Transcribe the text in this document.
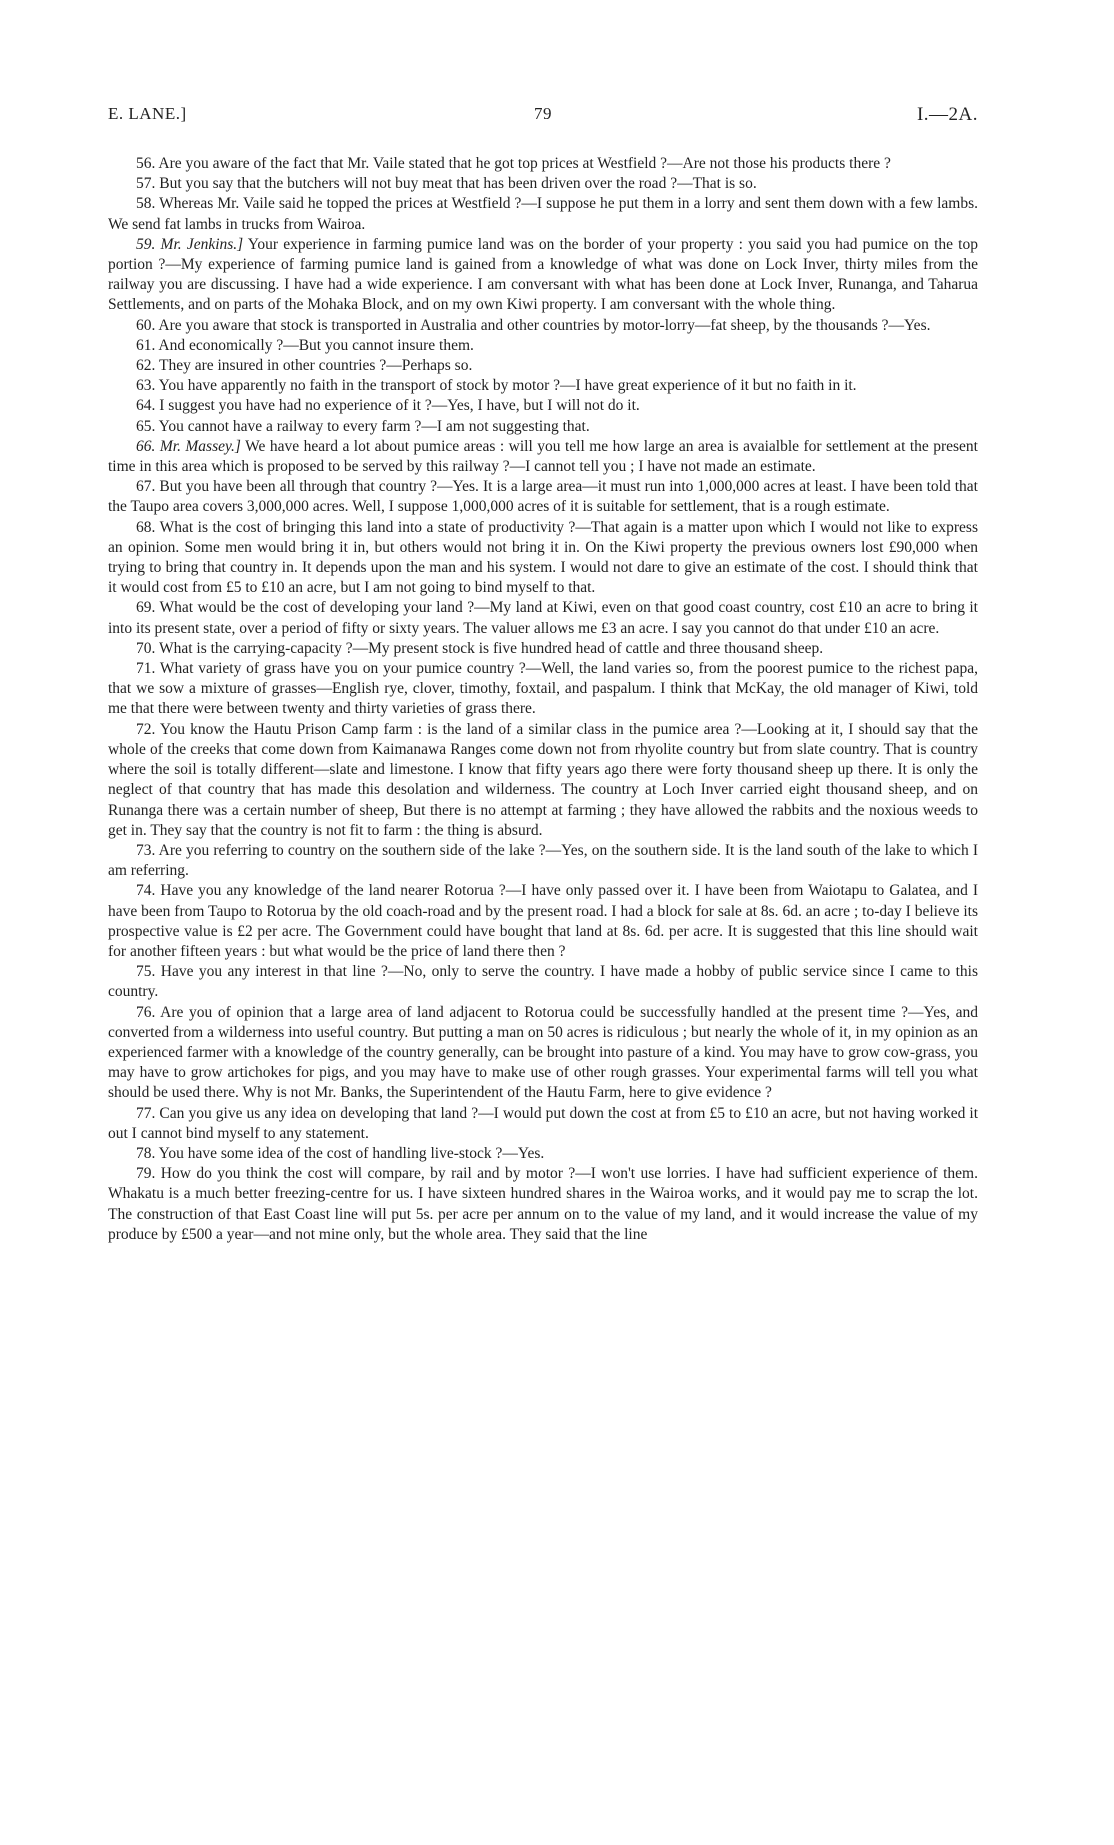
E. LANE.]	79	I.—2A.

56. Are you aware of the fact that Mr. Vaile stated that he got top prices at Westfield ?—Are not those his products there ?

57. But you say that the butchers will not buy meat that has been driven over the road ?—That is so.

58. Whereas Mr. Vaile said he topped the prices at Westfield ?—I suppose he put them in a lorry and sent them down with a few lambs. We send fat lambs in trucks from Wairoa.

59. Mr. Jenkins.] Your experience in farming pumice land was on the border of your property : you said you had pumice on the top portion ?—My experience of farming pumice land is gained from a knowledge of what was done on Lock Inver, thirty miles from the railway you are discussing. I have had a wide experience. I am conversant with what has been done at Lock Inver, Runanga, and Taharua Settlements, and on parts of the Mohaka Block, and on my own Kiwi property. I am conversant with the whole thing.

60. Are you aware that stock is transported in Australia and other countries by motor-lorry—fat sheep, by the thousands ?—Yes.

61. And economically ?—But you cannot insure them.

62. They are insured in other countries ?—Perhaps so.

63. You have apparently no faith in the transport of stock by motor ?—I have great experience of it but no faith in it.

64. I suggest you have had no experience of it ?—Yes, I have, but I will not do it.

65. You cannot have a railway to every farm ?—I am not suggesting that.

66. Mr. Massey.] We have heard a lot about pumice areas : will you tell me how large an area is avaialble for settlement at the present time in this area which is proposed to be served by this railway ?—I cannot tell you ; I have not made an estimate.

67. But you have been all through that country ?—Yes. It is a large area—it must run into 1,000,000 acres at least. I have been told that the Taupo area covers 3,000,000 acres. Well, I suppose 1,000,000 acres of it is suitable for settlement, that is a rough estimate.

68. What is the cost of bringing this land into a state of productivity ?—That again is a matter upon which I would not like to express an opinion. Some men would bring it in, but others would not bring it in. On the Kiwi property the previous owners lost £90,000 when trying to bring that country in. It depends upon the man and his system. I would not dare to give an estimate of the cost. I should think that it would cost from £5 to £10 an acre, but I am not going to bind myself to that.

69. What would be the cost of developing your land ?—My land at Kiwi, even on that good coast country, cost £10 an acre to bring it into its present state, over a period of fifty or sixty years. The valuer allows me £3 an acre. I say you cannot do that under £10 an acre.

70. What is the carrying-capacity ?—My present stock is five hundred head of cattle and three thousand sheep.

71. What variety of grass have you on your pumice country ?—Well, the land varies so, from the poorest pumice to the richest papa, that we sow a mixture of grasses—English rye, clover, timothy, foxtail, and paspalum. I think that McKay, the old manager of Kiwi, told me that there were between twenty and thirty varieties of grass there.

72. You know the Hautu Prison Camp farm : is the land of a similar class in the pumice area ?—Looking at it, I should say that the whole of the creeks that come down from Kaimanawa Ranges come down not from rhyolite country but from slate country. That is country where the soil is totally different—slate and limestone. I know that fifty years ago there were forty thousand sheep up there. It is only the neglect of that country that has made this desolation and wilderness. The country at Loch Inver carried eight thousand sheep, and on Runanga there was a certain number of sheep, But there is no attempt at farming ; they have allowed the rabbits and the noxious weeds to get in. They say that the country is not fit to farm : the thing is absurd.

73. Are you referring to country on the southern side of the lake ?—Yes, on the southern side. It is the land south of the lake to which I am referring.

74. Have you any knowledge of the land nearer Rotorua ?—I have only passed over it. I have been from Waiotapu to Galatea, and I have been from Taupo to Rotorua by the old coach-road and by the present road. I had a block for sale at 8s. 6d. an acre ; to-day I believe its prospective value is £2 per acre. The Government could have bought that land at 8s. 6d. per acre. It is suggested that this line should wait for another fifteen years : but what would be the price of land there then ?

75. Have you any interest in that line ?—No, only to serve the country. I have made a hobby of public service since I came to this country.

76. Are you of opinion that a large area of land adjacent to Rotorua could be successfully handled at the present time ?—Yes, and converted from a wilderness into useful country. But putting a man on 50 acres is ridiculous ; but nearly the whole of it, in my opinion as an experienced farmer with a knowledge of the country generally, can be brought into pasture of a kind. You may have to grow cow-grass, you may have to grow artichokes for pigs, and you may have to make use of other rough grasses. Your experimental farms will tell you what should be used there. Why is not Mr. Banks, the Superintendent of the Hautu Farm, here to give evidence ?

77. Can you give us any idea on developing that land ?—I would put down the cost at from £5 to £10 an acre, but not having worked it out I cannot bind myself to any statement.

78. You have some idea of the cost of handling live-stock ?—Yes.

79. How do you think the cost will compare, by rail and by motor ?—I won't use lorries. I have had sufficient experience of them. Whakatu is a much better freezing-centre for us. I have sixteen hundred shares in the Wairoa works, and it would pay me to scrap the lot. The construction of that East Coast line will put 5s. per acre per annum on to the value of my land, and it would increase the value of my produce by £500 a year—and not mine only, but the whole area. They said that the line
